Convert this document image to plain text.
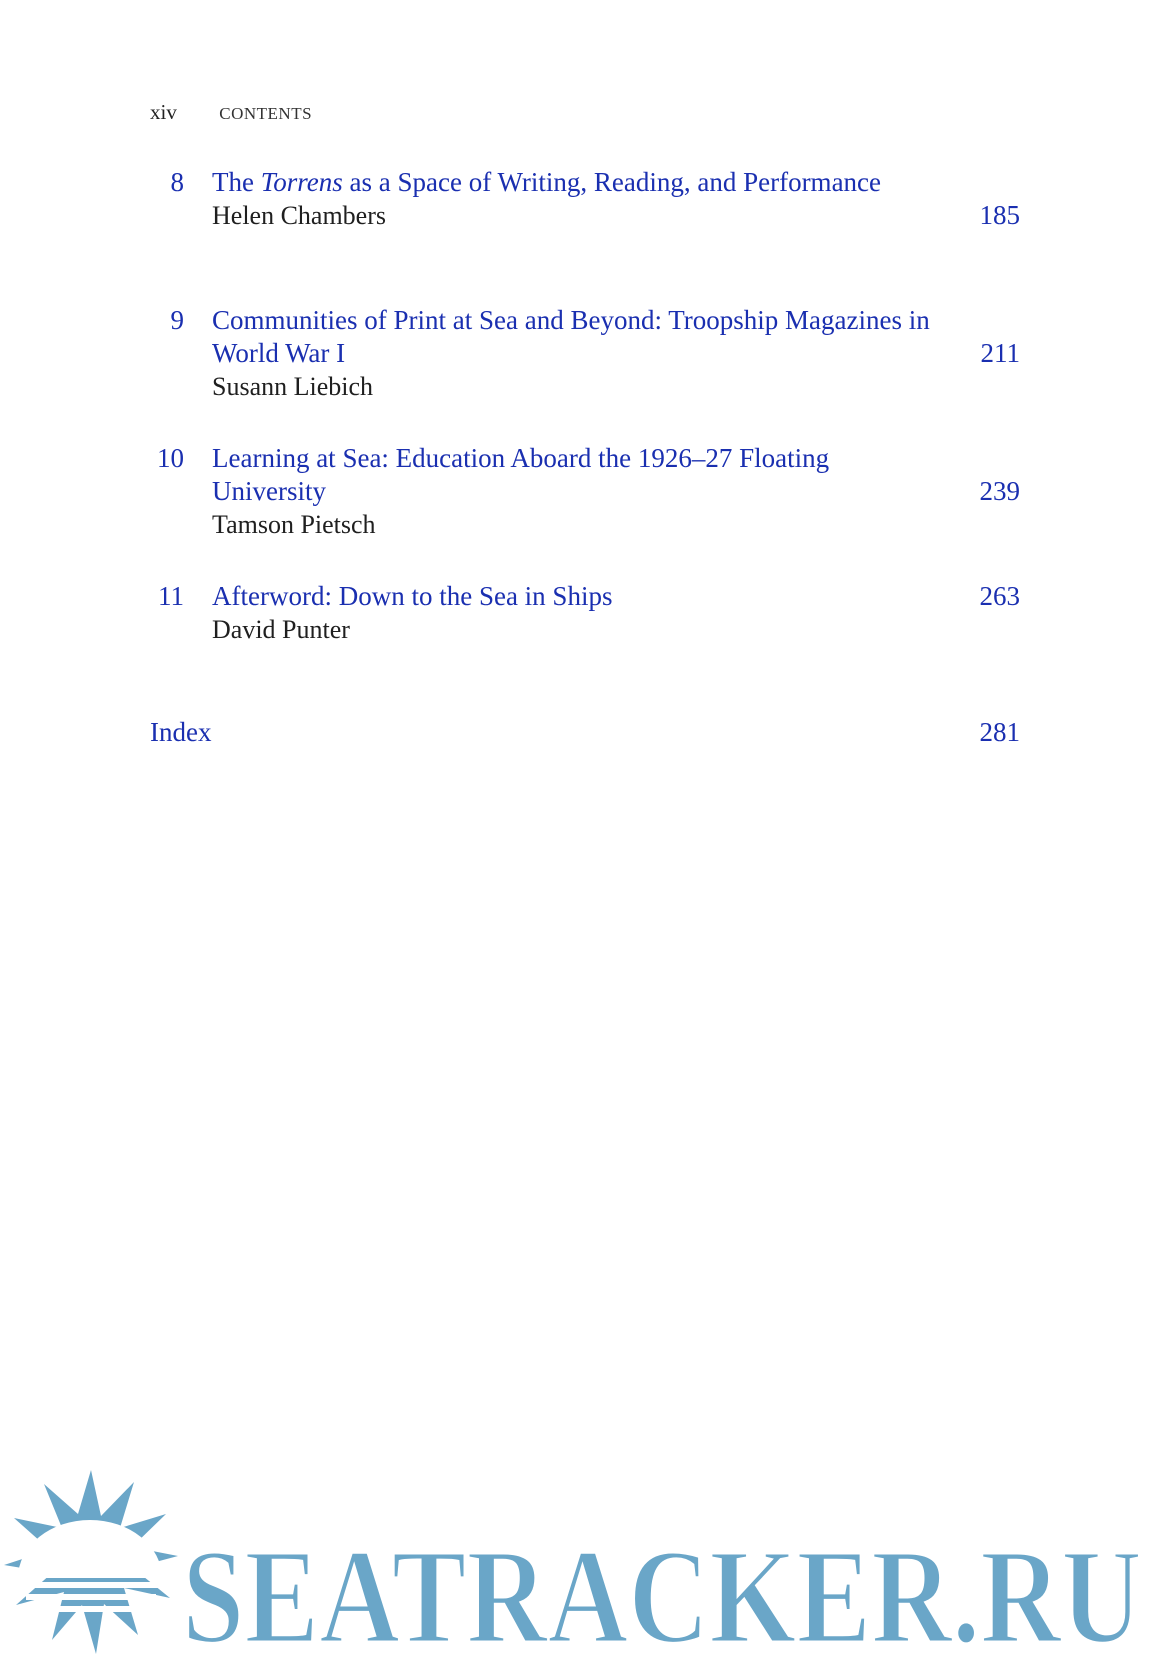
xiv CONTENTS
8 The Torrens as a Space of Writing, Reading, and Performance
Helen Chambers	185
9 Communities of Print at Sea and Beyond: Troopship Magazines in World War I
Susann Liebich
211
10 Learning at Sea: Education Aboard the 1926–27 Floating University
Tamson Pietsch
239
11 Afterword: Down to the Sea in Ships
David Punter
263
Index	281
SEATRACKER.RU
